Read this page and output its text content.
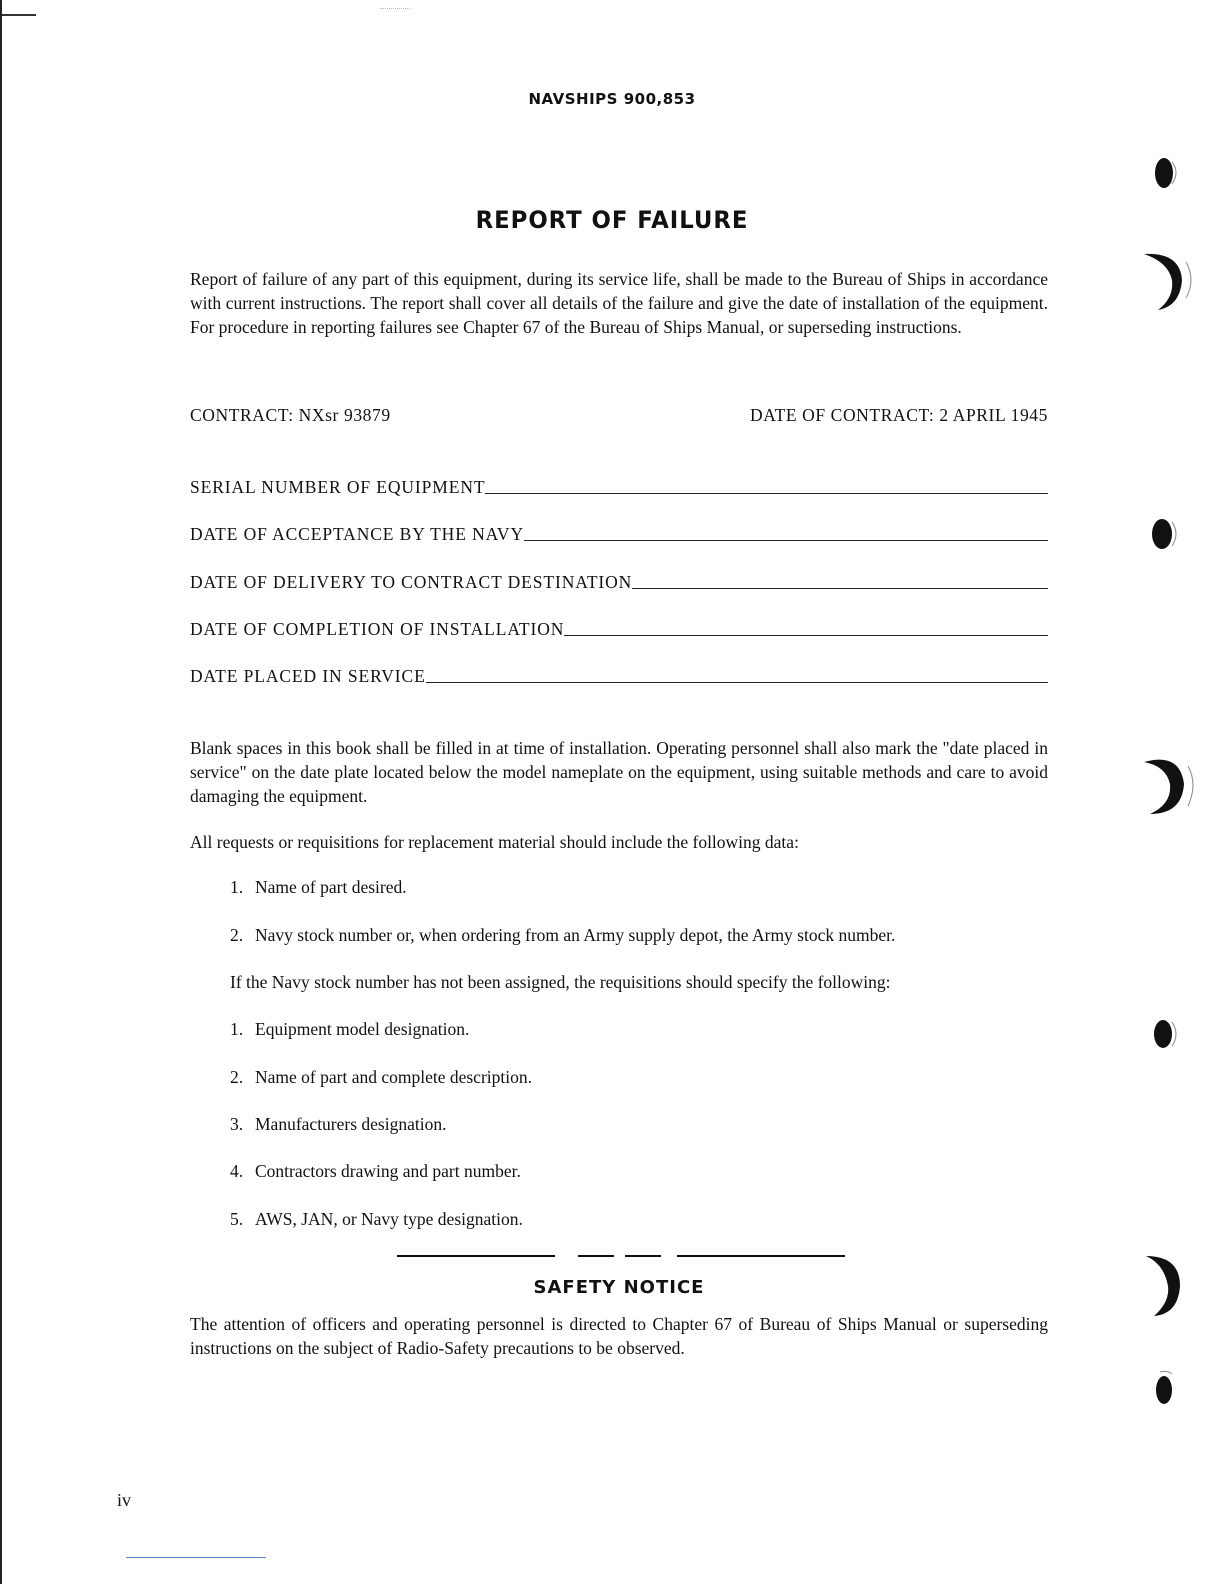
NAVSHIPS 900,853
REPORT OF FAILURE

Report of failure of any part of this equipment, during its service life, shall be made to the Bureau of Ships in accordance with current instructions. The report shall cover all details of the failure and give the date of installation of the equipment. For procedure in reporting failures see Chapter 67 of the Bureau of Ships Manual, or superseding instructions.

CONTRACT: NXsr 93879	DATE OF CONTRACT: 2 APRIL 1945
SERIAL NUMBER OF EQUIPMENT
DATE OF ACCEPTANCE BY THE NAVY
DATE OF DELIVERY TO CONTRACT DESTINATION
DATE OF COMPLETION OF INSTALLATION
DATE PLACED IN SERVICE

Blank spaces in this book shall be filled in at time of installation. Operating personnel shall also mark the "date placed in service" on the date plate located below the model nameplate on the equipment, using suitable methods and care to avoid damaging the equipment.

All requests or requisitions for replacement material should include the following data:

1. Name of part desired.
2. Navy stock number or, when ordering from an Army supply depot, the Army stock number.
If the Navy stock number has not been assigned, the requisitions should specify the following:
1. Equipment model designation.
2. Name of part and complete description.
3. Manufacturers designation.
4. Contractors drawing and part number.
5. AWS, JAN, or Navy type designation.
SAFETY NOTICE

The attention of officers and operating personnel is directed to Chapter 67 of Bureau of Ships Manual or superseding instructions on the subject of Radio-Safety precautions to be observed.

iv
